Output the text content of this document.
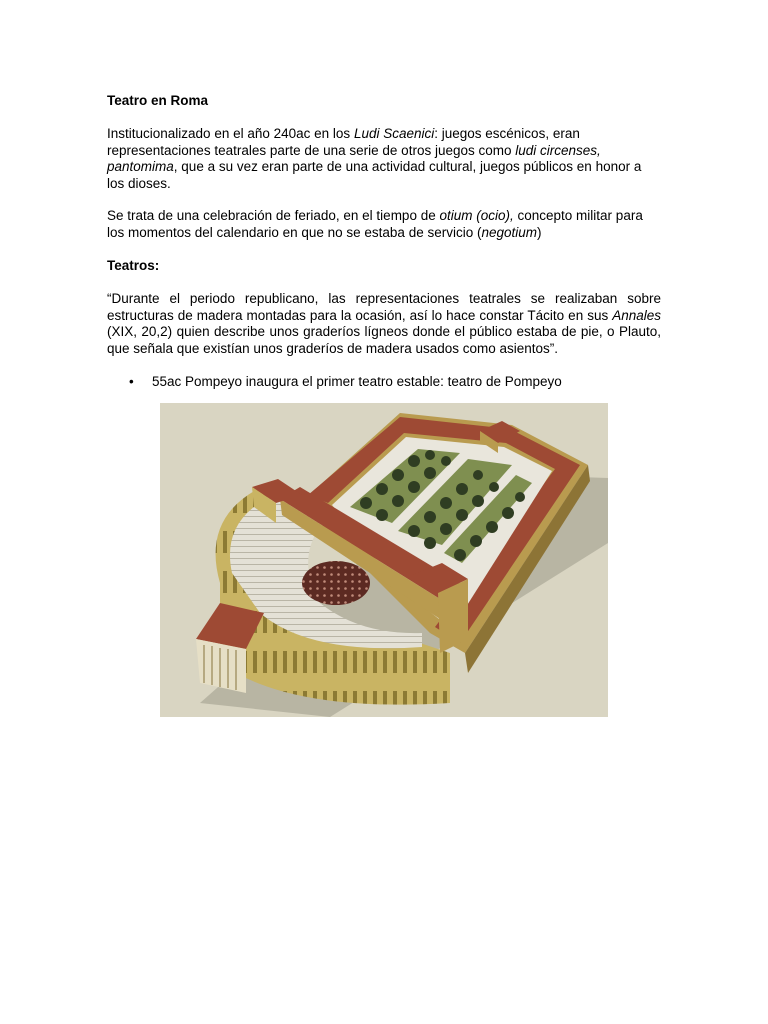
Teatro en Roma

Institucionalizado en el año 240ac en los Ludi Scaenici: juegos escénicos, eran representaciones teatrales parte de una serie de otros juegos como ludi circenses, pantomima, que a su vez eran parte de una actividad cultural, juegos públicos en honor a los dioses.

Se trata de una celebración de feriado, en el tiempo de otium (ocio), concepto militar para los momentos del calendario en que no se estaba de servicio (negotium)

Teatros:

“Durante el periodo republicano, las representaciones teatrales se realizaban sobre estructuras de madera montadas para la ocasión, así lo hace constar Tácito en sus Annales (XIX, 20,2) quien describe unos graderíos lígneos donde el público estaba de pie, o Plauto, que señala que existían unos graderíos de madera usados como asientos”.

• 55ac Pompeyo inaugura el primer teatro estable: teatro de Pompeyo
